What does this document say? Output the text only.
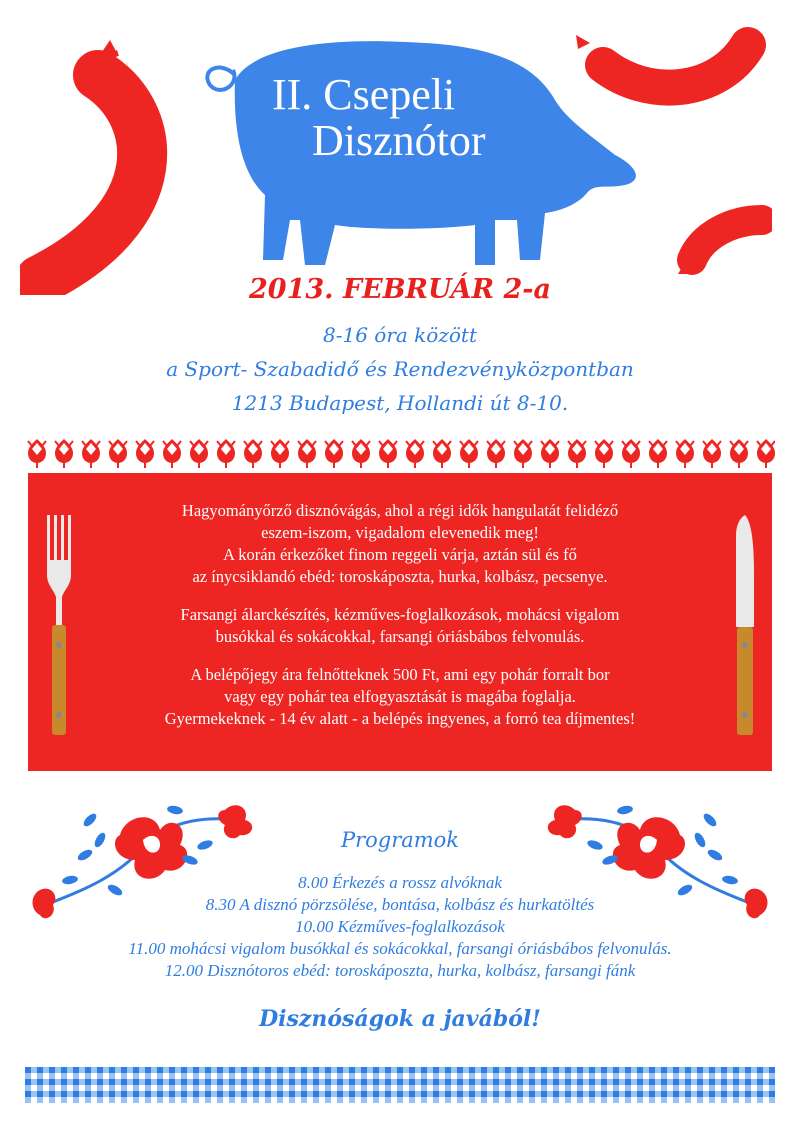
II. Csepeli
Disznótor
2013. FEBRUÁR 2-a
8-16 óra között
a Sport- Szabadidő és Rendezvényközpontban
1213 Budapest, Hollandi út 8-10.

Hagyományőrző disznóvágás, ahol a régi idők hangulatát felidéző
eszem-iszom, vigadalom elevenedik meg!
A korán érkezőket finom reggeli várja, aztán sül és fő
az ínycsiklandó ebéd: toroskáposzta, hurka, kolbász, pecsenye.

Farsangi álarckészítés, kézműves-foglalkozások, mohácsi vigalom
busókkal és sokácokkal, farsangi óriásbábos felvonulás.

A belépőjegy ára felnőtteknek 500 Ft, ami egy pohár forralt bor
vagy egy pohár tea elfogyasztását is magába foglalja.
Gyermekeknek - 14 év alatt - a belépés ingyenes, a forró tea díjmentes!

Programok
8.00 Érkezés a rossz alvóknak
8.30 A disznó pörzsölése, bontása, kolbász és hurkatöltés
10.00 Kézműves-foglalkozások
11.00 mohácsi vigalom busókkal és sokácokkal, farsangi óriásbábos felvonulás.
12.00 Disznótoros ebéd: toroskáposzta, hurka, kolbász, farsangi fánk
Disznóságok a javából!
